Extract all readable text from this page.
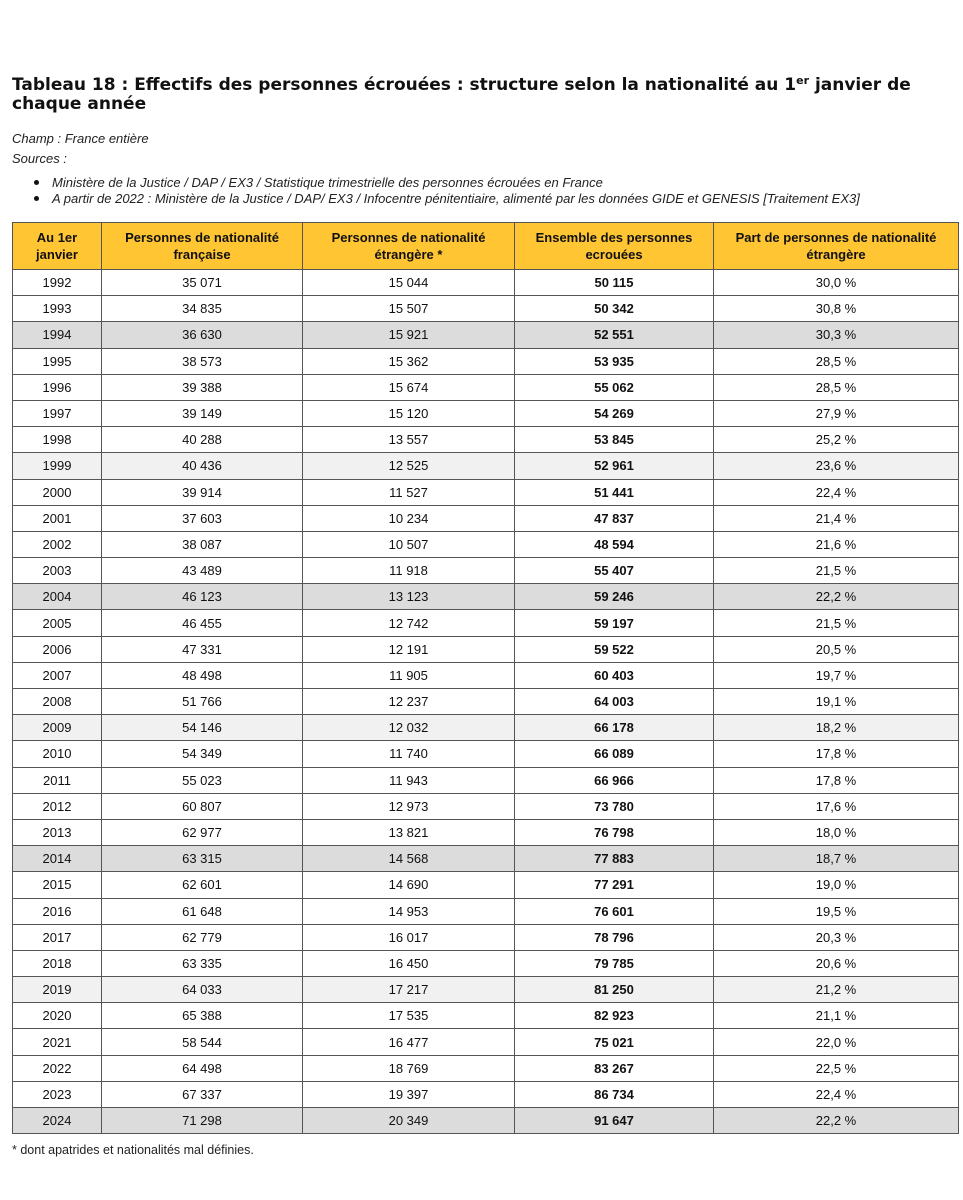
Tableau 18 : Effectifs des personnes écrouées : structure selon la nationalité au 1er janvier de chaque année
Champ : France entière
Sources :
Ministère de la Justice / DAP / EX3 / Statistique trimestrielle des personnes écrouées en France
A partir de 2022 : Ministère de la Justice / DAP/ EX3 / Infocentre pénitentiaire, alimenté par les données GIDE et GENESIS [Traitement EX3]
Au 1er janvier	Personnes de nationalité française	Personnes de nationalité étrangère *	Ensemble des personnes ecrouées	Part de personnes de nationalité étrangère
1992	35 071	15 044	50 115	30,0 %
1993	34 835	15 507	50 342	30,8 %
1994	36 630	15 921	52 551	30,3 %
1995	38 573	15 362	53 935	28,5 %
1996	39 388	15 674	55 062	28,5 %
1997	39 149	15 120	54 269	27,9 %
1998	40 288	13 557	53 845	25,2 %
1999	40 436	12 525	52 961	23,6 %
2000	39 914	11 527	51 441	22,4 %
2001	37 603	10 234	47 837	21,4 %
2002	38 087	10 507	48 594	21,6 %
2003	43 489	11 918	55 407	21,5 %
2004	46 123	13 123	59 246	22,2 %
2005	46 455	12 742	59 197	21,5 %
2006	47 331	12 191	59 522	20,5 %
2007	48 498	11 905	60 403	19,7 %
2008	51 766	12 237	64 003	19,1 %
2009	54 146	12 032	66 178	18,2 %
2010	54 349	11 740	66 089	17,8 %
2011	55 023	11 943	66 966	17,8 %
2012	60 807	12 973	73 780	17,6 %
2013	62 977	13 821	76 798	18,0 %
2014	63 315	14 568	77 883	18,7 %
2015	62 601	14 690	77 291	19,0 %
2016	61 648	14 953	76 601	19,5 %
2017	62 779	16 017	78 796	20,3 %
2018	63 335	16 450	79 785	20,6 %
2019	64 033	17 217	81 250	21,2 %
2020	65 388	17 535	82 923	21,1 %
2021	58 544	16 477	75 021	22,0 %
2022	64 498	18 769	83 267	22,5 %
2023	67 337	19 397	86 734	22,4 %
2024	71 298	20 349	91 647	22,2 %
* dont apatrides et nationalités mal définies.
